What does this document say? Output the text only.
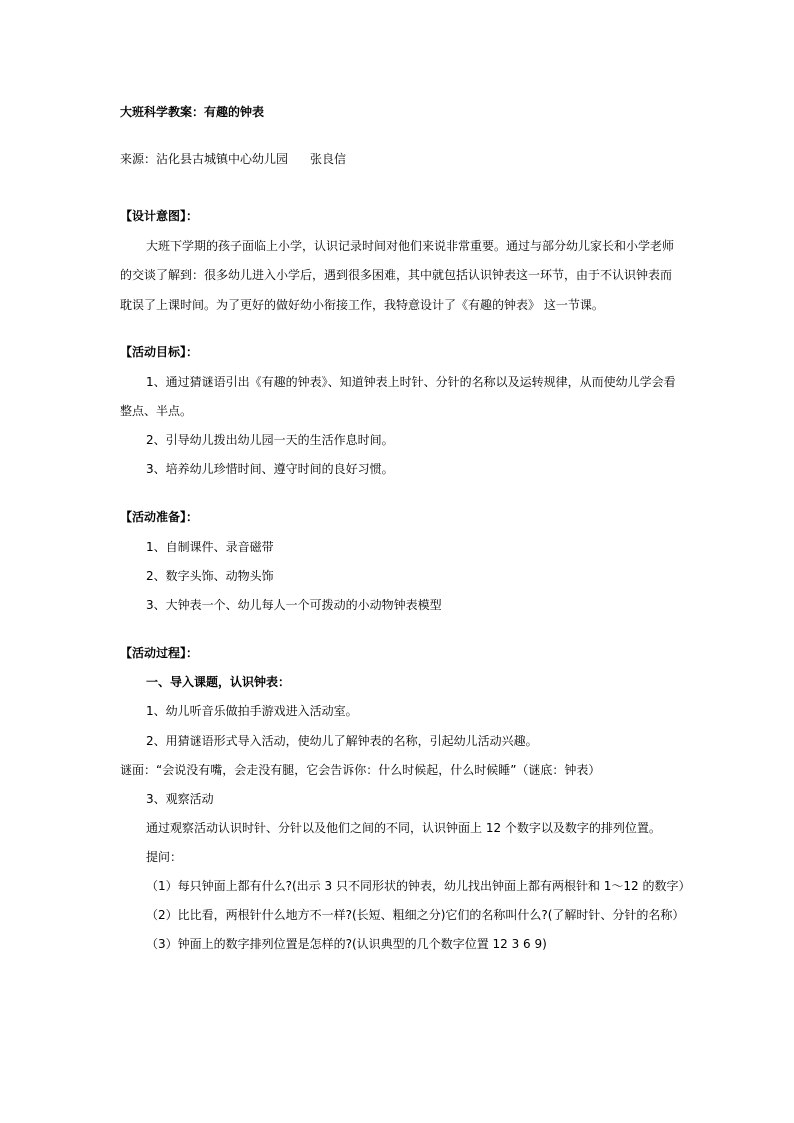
大班科学教案：有趣的钟表
来源：沾化县古城镇中心幼儿园 张良信
【设计意图】：
大班下学期的孩子面临上小学，认识记录时间对他们来说非常重要。通过与部分幼儿家长和小学老师
的交谈了解到：很多幼儿进入小学后，遇到很多困难，其中就包括认识钟表这一环节，由于不认识钟表而
耽误了上课时间。为了更好的做好幼小衔接工作，我特意设计了《有趣的钟表》 这一节课。
【活动目标】：
1、通过猜谜语引出《有趣的钟表》、知道钟表上时针、分针的名称以及运转规律，从而使幼儿学会看
整点、半点。
2、引导幼儿拨出幼儿园一天的生活作息时间。
3、培养幼儿珍惜时间、遵守时间的良好习惯。
【活动准备】：
1、自制课件、录音磁带
2、数字头饰、动物头饰
3、大钟表一个、幼儿每人一个可拨动的小动物钟表模型
【活动过程】：
一、导入课题，认识钟表：
1、幼儿听音乐做拍手游戏进入活动室。
2、用猜谜语形式导入活动，使幼儿了解钟表的名称，引起幼儿活动兴趣。
谜面：“会说没有嘴，会走没有腿，它会告诉你：什么时候起，什么时候睡”（谜底：钟表）
3、观察活动
通过观察活动认识时针、分针以及他们之间的不同，认识钟面上 12 个数字以及数字的排列位置。
提问：
（1）每只钟面上都有什么?(出示 3 只不同形状的钟表，幼儿找出钟面上都有两根针和 1～12 的数字）
（2）比比看，两根针什么地方不一样?(长短、粗细之分)它们的名称叫什么?(了解时针、分针的名称）
（3）钟面上的数字排列位置是怎样的?(认识典型的几个数字位置 12 3 6 9)
